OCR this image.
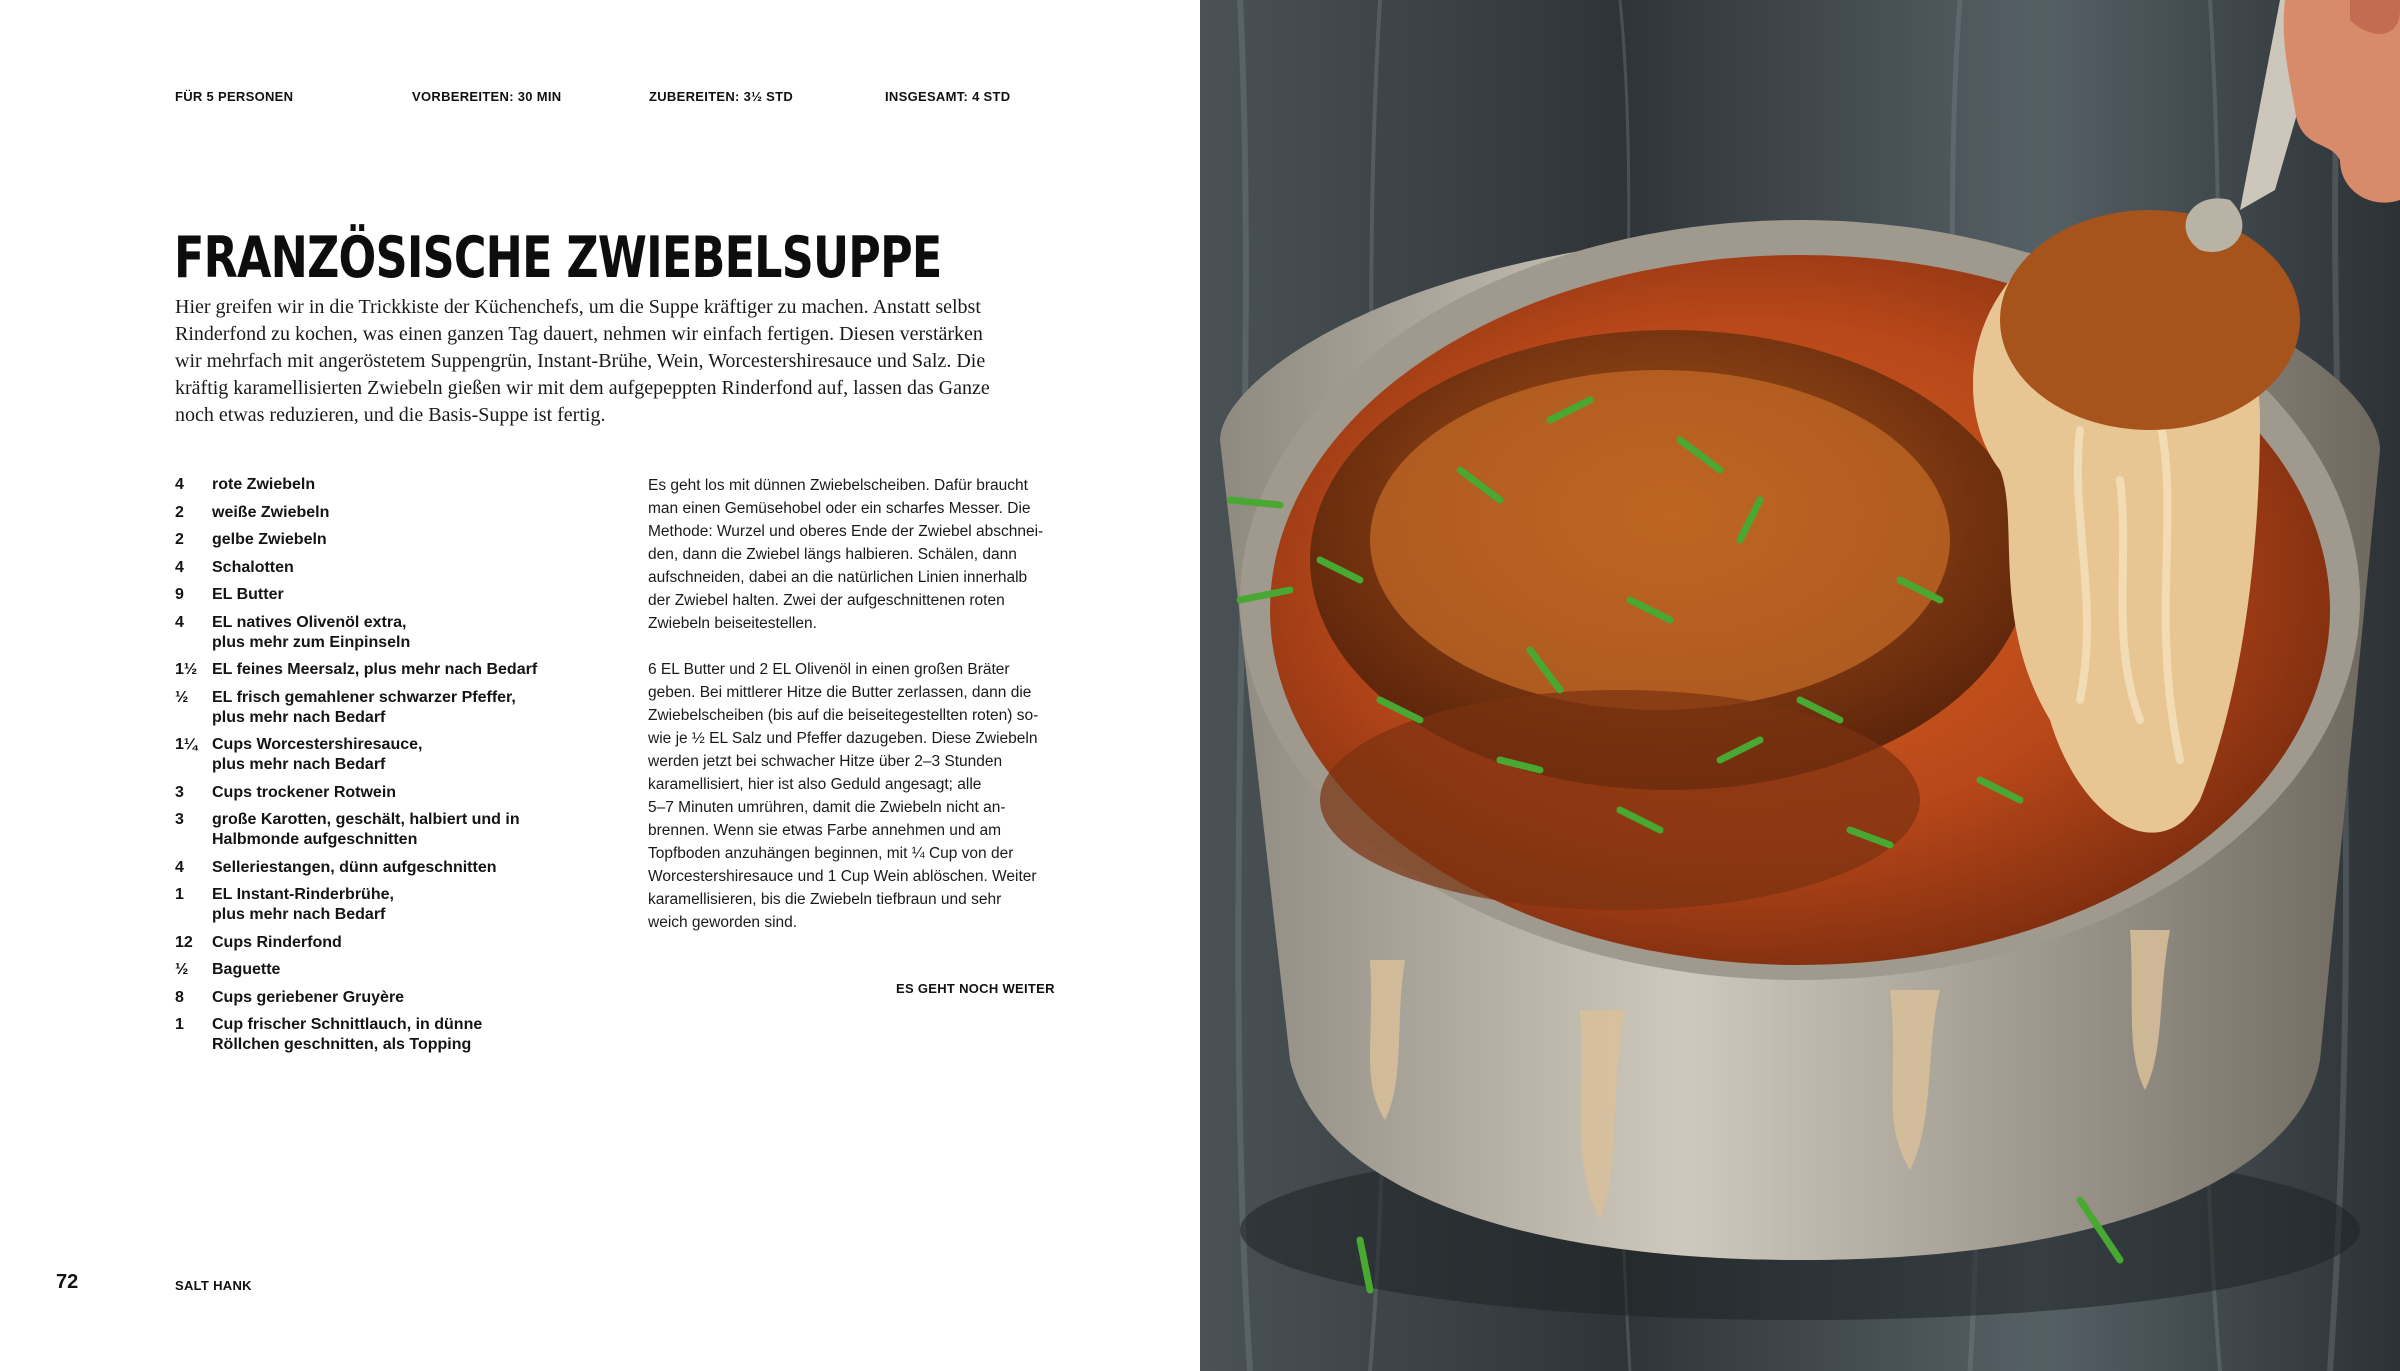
FÜR 5 PERSONEN	VORBEREITEN: 30 MIN	ZUBEREITEN: 3½ STD	INSGESAMT: 4 STD
FRANZÖSISCHE ZWIEBELSUPPE

Hier greifen wir in die Trickkiste der Küchenchefs, um die Suppe kräftiger zu machen. Anstatt selbst Rinderfond zu kochen, was einen ganzen Tag dauert, nehmen wir einfach fertigen. Diesen verstärken wir mehrfach mit angeröstetem Suppengrün, Instant-Brühe, Wein, Worcestershiresauce und Salz. Die kräftig karamellisierten Zwiebeln gießen wir mit dem aufgepeppten Rinderfond auf, lassen das Ganze noch etwas reduzieren, und die Basis-Suppe ist fertig.

4	rote Zwiebeln
2	weiße Zwiebeln
2	gelbe Zwiebeln
4	Schalotten
9	EL Butter
4	EL natives Olivenöl extra,
plus mehr zum Einpinseln
1½ EL feines Meersalz, plus mehr nach Bedarf
½	EL frisch gemahlener schwarzer Pfeffer,
plus mehr nach Bedarf
1¼ Cups Worcestershiresauce,
plus mehr nach Bedarf
3	Cups trockener Rotwein
3	große Karotten, geschält, halbiert und in
Halbmonde aufgeschnitten
4	Selleriestangen, dünn aufgeschnitten
1	EL Instant-Rinderbrühe,
plus mehr nach Bedarf
12	Cups Rinderfond
½	Baguette
8	Cups geriebener Gruyère
1	Cup frischer Schnittlauch, in dünne
Röllchen geschnitten, als Topping

Es geht los mit dünnen Zwiebelscheiben. Dafür braucht
man einen Gemüsehobel oder ein scharfes Messer. Die
Methode: Wurzel und oberes Ende der Zwiebel abschnei-
den, dann die Zwiebel längs halbieren. Schälen, dann
aufschneiden, dabei an die natürlichen Linien innerhalb
der Zwiebel halten. Zwei der aufgeschnittenen roten
Zwiebeln beiseitestellen.

6 EL Butter und 2 EL Olivenöl in einen großen Bräter
geben. Bei mittlerer Hitze die Butter zerlassen, dann die
Zwiebelscheiben (bis auf die beiseitegestellten roten) so-
wie je ½ EL Salz und Pfeffer dazugeben. Diese Zwiebeln
werden jetzt bei schwacher Hitze über 2–3 Stunden
karamellisiert, hier ist also Geduld angesagt; alle
5–7 Minuten umrühren, damit die Zwiebeln nicht an-
brennen. Wenn sie etwas Farbe annehmen und am
Topfboden anzuhängen beginnen, mit ¼ Cup von der
Worcestershiresauce und 1 Cup Wein ablöschen. Weiter
karamellisieren, bis die Zwiebeln tiefbraun und sehr
weich geworden sind.

ES GEHT NOCH WEITER
72	SALT HANK
